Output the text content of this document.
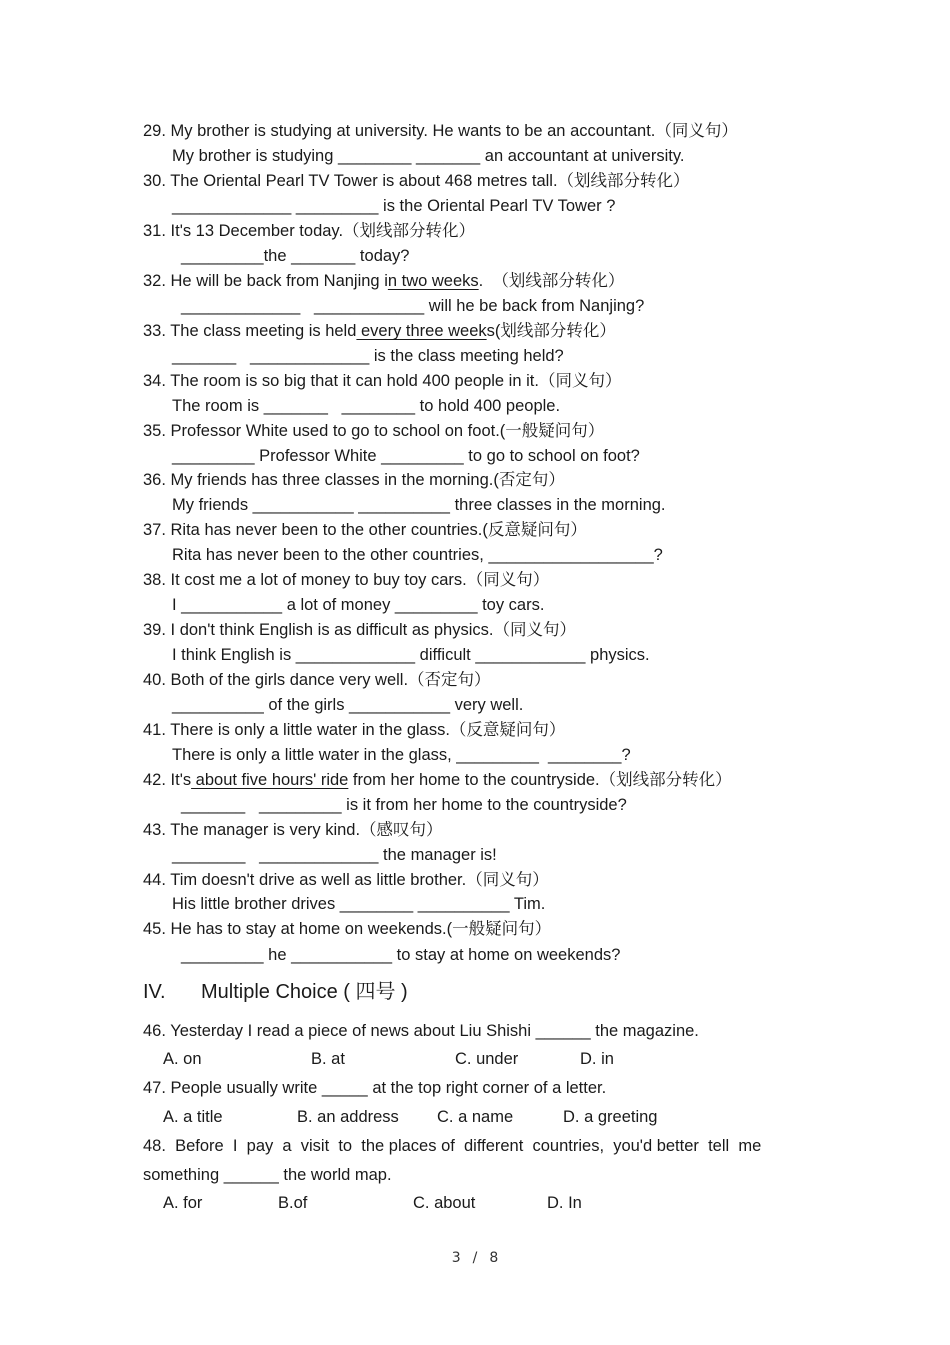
29. My brother is studying at university. He wants to be an accountant.（同义句）
My brother is studying ________ _______ an accountant at university.
30. The Oriental Pearl TV Tower is about 468 metres tall.（划线部分转化）
_____________ _________ is the Oriental Pearl TV Tower ?
31. It's 13 December today.（划线部分转化）
_________the _______ today?
32. He will be back from Nanjing in two weeks.  （划线部分转化）
_____________   ____________ will he be back from Nanjing?
33. The class meeting is held every three weeks(划线部分转化）
_______   _____________ is the class meeting held?
34. The room is so big that it can hold 400 people in it.（同义句）
The room is _______   ________ to hold 400 people.
35. Professor White used to go to school on foot.(一般疑问句）
_________ Professor White _________ to go to school on foot?
36. My friends has three classes in the morning.(否定句）
My friends ___________ __________ three classes in the morning.
37. Rita has never been to the other countries.(反意疑问句）
Rita has never been to the other countries, __________________?
38. It cost me a lot of money to buy toy cars.（同义句）
I ___________ a lot of money _________ toy cars.
39. I don't think English is as difficult as physics.（同义句）
I think English is _____________ difficult ____________ physics.
40. Both of the girls dance very well.（否定句）
__________ of the girls ___________ very well.
41. There is only a little water in the glass.（反意疑问句）
There is only a little water in the glass, _________  ________?
42. It's about five hours' ride from her home to the countryside.（划线部分转化）
_______   _________ is it from her home to the countryside?
43. The manager is very kind.（感叹句）
________   _____________ the manager is!
44. Tim doesn't drive as well as little brother.（同义句）
His little brother drives ________ __________ Tim.
45. He has to stay at home on weekends.(一般疑问句）
_________ he ___________ to stay at home on weekends?
IV. Multiple Choice ( 四号 )
46. Yesterday I read a piece of news about Liu Shishi ______ the magazine.
A. on	B. at	C. under	D. in
47. People usually write _____ at the top right corner of a letter.
A. a title	B. an address C. a name	D. a greeting
48.  Before  I  pay  a  visit  to  the places of  different  countries,  you'd better  tell  me
something ______ the world map.
A. for	B.of	C. about	D. In
3 / 8
